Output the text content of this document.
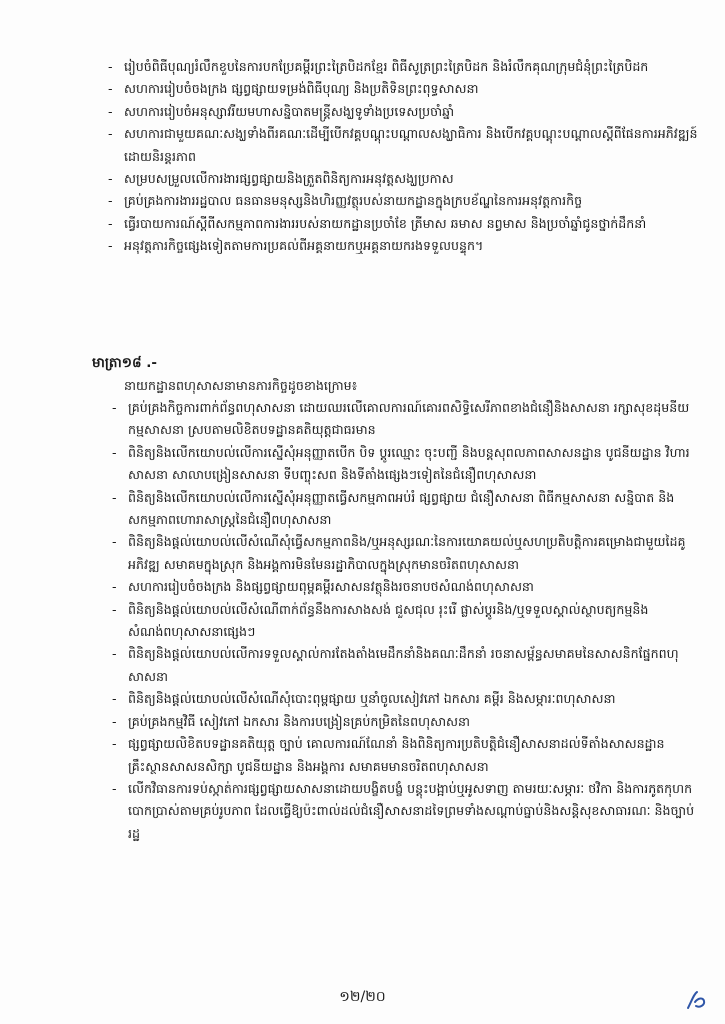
- រៀបចំពិធីបុណ្យរំលឹកខួបនៃការបកប្រែគម្ពីរព្រះត្រៃបិដកខ្មែរ ពិធីសូត្រព្រះត្រៃបិដក និងរំលឹកគុណក្រុមជំនុំព្រះត្រៃបិដក
- សហការរៀបចំចងក្រង ផ្សព្វផ្សាយទម្រង់ពិធីបុណ្យ និងប្រតិទិនព្រះពុទ្ធសាសនា
- សហការរៀបចំអនុស្សាវរីយមហាសន្និបាតមន្ត្រីសង្ឃទូទាំងប្រទេសប្រចាំឆ្នាំ
- សហការជាមួយគណៈសង្ឃទាំងពីរគណៈដើម្បីបើកវគ្គបណ្តុះបណ្តាលសង្ឃាធិការ និងបើកវគ្គបណ្តុះបណ្តាលស្តីពីផែនការអភិវឌ្ឍន៍ដោយនិរន្តរភាព
- សម្របសម្រួលលើការងារផ្សព្វផ្សាយនិងត្រួតពិនិត្យការអនុវត្តសង្ឃប្រកាស
- គ្រប់គ្រងការងាររដ្ឋបាល ធនធានមនុស្សនិងហិរញ្ញវត្ថុរបស់នាយកដ្ឋានក្នុងក្របខ័ណ្ឌនៃការអនុវត្តការកិច្ច
- ធ្វើរបាយការណ៍ស្តីពីសកម្មភាពការងាររបស់នាយកដ្ឋានប្រចាំខែ ត្រីមាស ឆមាស នព្វមាស និងប្រចាំឆ្នាំជូនថ្នាក់ដឹកនាំ
- អនុវត្តភារកិច្ចផ្សេងទៀតតាមការប្រគល់ពីអគ្គនាយកឬអគ្គនាយករងទទួលបន្ទុក។
មាត្រា១៨ .-
នាយកដ្ឋានពហុសាសនាមានភារកិច្ចដូចខាងក្រោម៖
- គ្រប់គ្រងកិច្ចការពាក់ព័ន្ធពហុសាសនា ដោយឈរលើគោលការណ៍គោរពសិទ្ធិសេរីភាពខាងជំនឿនិងសាសនា រក្សាសុខដុមនីយកម្មសាសនា ស្របតាមលិខិតបទដ្ឋានគតិយុត្តជាធរមាន
- ពិនិត្យនិងលើកយោបល់លើការស្នើសុំអនុញ្ញាតបើក បិទ ប្តូរឈ្មោះ ចុះបញ្ជី និងបន្តសុពលភាពសាសនដ្ឋាន បូជនីយដ្ឋាន វិហារសាសនា សាលាបង្រៀនសាសនា ទីបញ្ចុះសព និងទីតាំងផ្សេងៗទៀតនៃជំនឿពហុសាសនា
- ពិនិត្យនិងលើកយោបល់លើការស្នើសុំអនុញ្ញាតធ្វើសកម្មភាពអប់រំ ផ្សព្វផ្សាយ ជំនឿសាសនា ពិធីកម្មសាសនា សន្និបាត និងសកម្មភាពហោរាសាស្ត្រនៃជំនឿពហុសាសនា
- ពិនិត្យនិងផ្តល់យោបល់លើសំណើសុំធ្វើសកម្មភាពនិង/ឬអនុស្សរណៈនៃការយោគយល់ឬសហប្រតិបត្តិការគម្រោងជាមួយដៃគូអភិវឌ្ឍ សមាគមក្នុងស្រុក និងអង្គការមិនមែនរដ្ឋាភិបាលក្នុងស្រុកមានចរិតពហុសាសនា
- សហការរៀបចំចងក្រង និងផ្សព្វផ្សាយពុម្ពគម្ពីរសាសនវត្ថុនិងរចនាបថសំណង់ពហុសាសនា
- ពិនិត្យនិងផ្តល់យោបល់លើសំណើពាក់ព័ន្ធនឹងការសាងសង់ ជួសជុល រុះរើ ផ្លាស់ប្តូរនិង/ឬទទួលស្គាល់ស្ថាបត្យកម្មនិងសំណង់ពហុសាសនាផ្សេងៗ
- ពិនិត្យនិងផ្តល់យោបល់លើការទទួលស្គាល់ការតែងតាំងមេដឹកនាំនិងគណៈដឹកនាំ រចនាសម្ព័ន្ធសមាគមនៃសាសនិកផ្នែកពហុសាសនា
- ពិនិត្យនិងផ្តល់យោបល់លើសំណើសុំបោះពុម្ពផ្សាយ ឬនាំចូលសៀវភៅ ឯកសារ គម្ពីរ និងសម្ភារៈពហុសាសនា
- គ្រប់គ្រងកម្មវិធី សៀវភៅ ឯកសារ និងការបង្រៀនគ្រប់កម្រិតនៃពហុសាសនា
- ផ្សព្វផ្សាយលិខិតបទដ្ឋានគតិយុត្ត ច្បាប់ គោលការណ៍ណែនាំ និងពិនិត្យការប្រតិបត្តិជំនឿសាសនាដល់ទីតាំងសាសនដ្ឋាន គ្រឹះស្ថានសាសនសិក្សា បូជនីយដ្ឋាន និងអង្គការ សមាគមមានចរិតពហុសាសនា
- លើកវិធានការទប់ស្កាត់ការផ្សព្វផ្សាយសាសនាដោយបង្ខិតបង្ខំ បន្តុះបង្អាប់ឬអូសទាញ តាមរយៈសម្ភារៈ ថវិកា និងការភូតកុហកបោកប្រាស់តាមគ្រប់រូបភាព ដែលធ្វើឱ្យប៉ះពាល់ដល់ជំនឿសាសនាដទៃព្រមទាំងសណ្តាប់ធ្នាប់និងសន្តិសុខសាធារណៈ និងច្បាប់រដ្ឋ
១២/២០
